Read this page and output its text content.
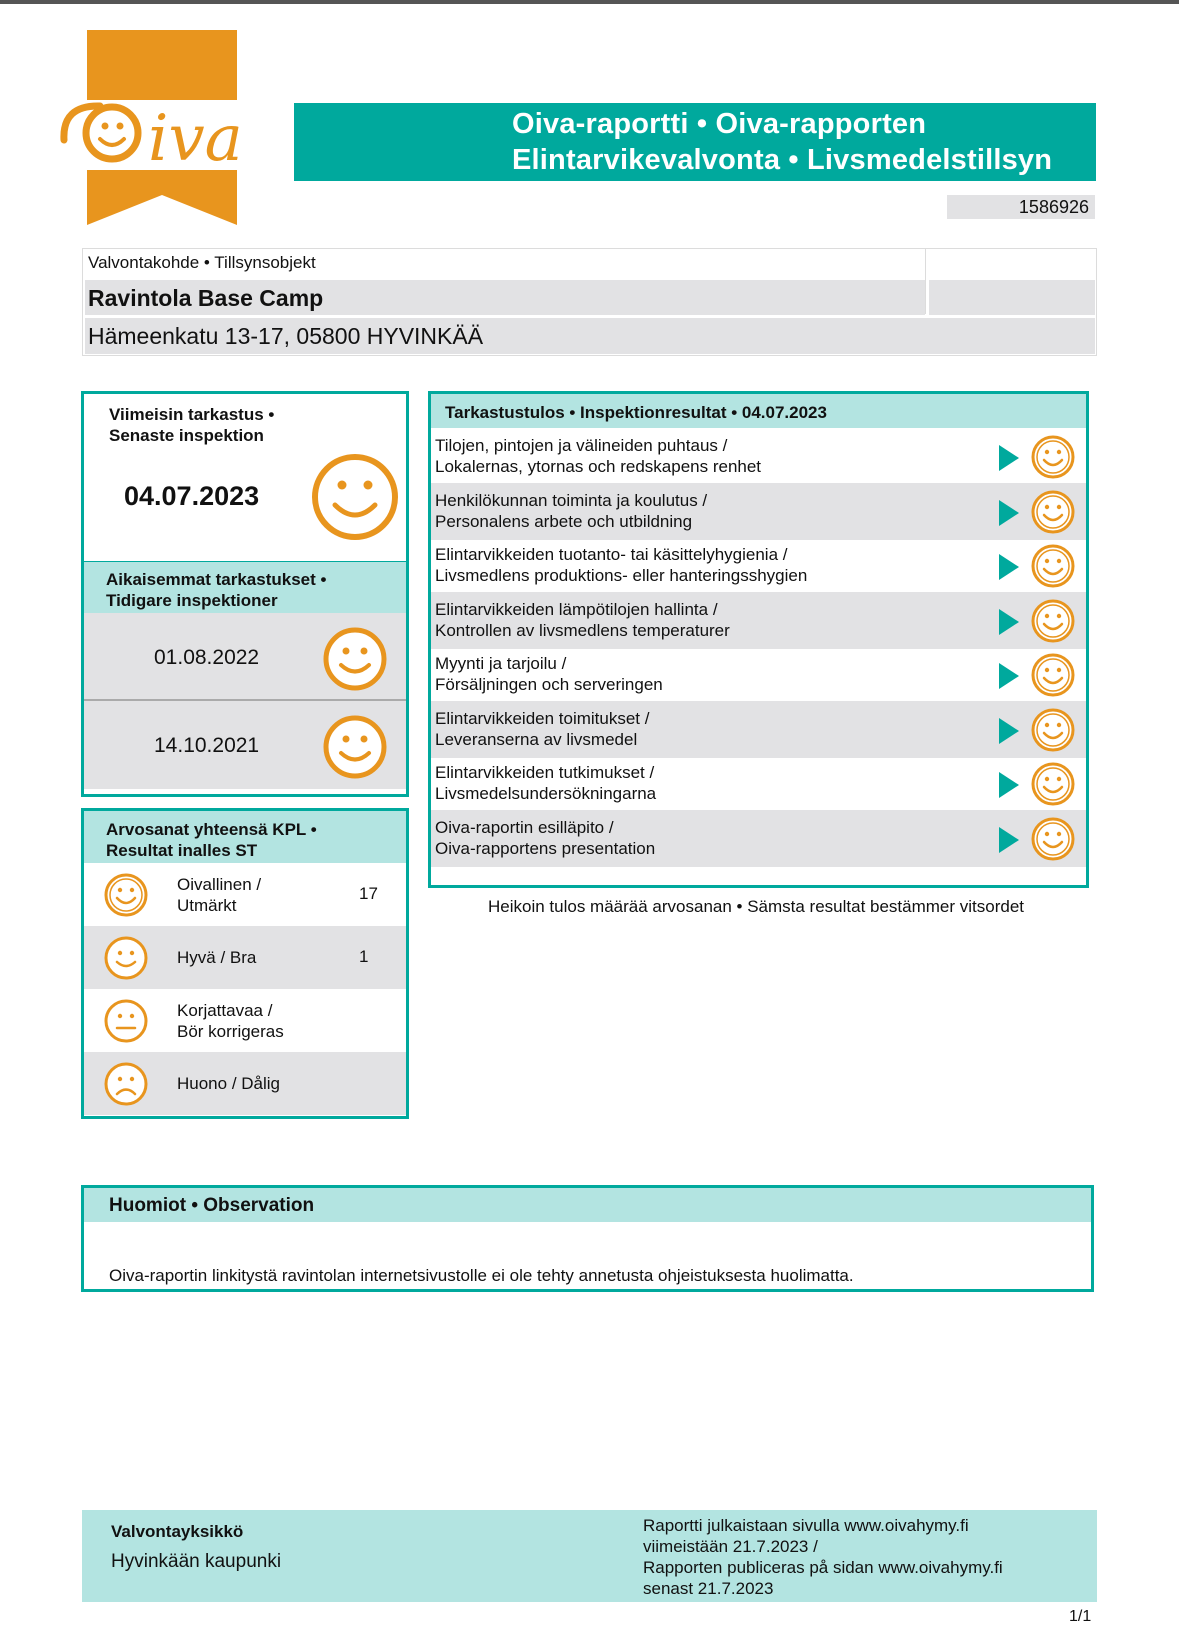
iva	Oiva-raportti • Oiva-rapporten
Elintarvikevalvonta • Livsmedelstillsyn
1586926
Valvontakohde • Tillsynsobjekt
Ravintola Base Camp
Hämeenkatu 13-17, 05800 HYVINKÄÄ
Viimeisin tarkastus •
Senaste inspektion
04.07.2023
Aikaisemmat tarkastukset •
Tidigare inspektioner
01.08.2022
14.10.2021
Arvosanat yhteensä KPL •
Resultat inalles ST
Oivallinen /
Utmärkt
17
Hyvä / Bra	1
Korjattavaa /
Bör korrigeras
Huono / Dålig
Tarkastustulos • Inspektionresultat • 04.07.2023
Tilojen, pintojen ja välineiden puhtaus /
Lokalernas, ytornas och redskapens renhet
Henkilökunnan toiminta ja koulutus /
Personalens arbete och utbildning
Elintarvikkeiden tuotanto- tai käsittelyhygienia /
Livsmedlens produktions- eller hanteringsshygien
Elintarvikkeiden lämpötilojen hallinta /
Kontrollen av livsmedlens temperaturer
Myynti ja tarjoilu /
Försäljningen och serveringen
Elintarvikkeiden toimitukset /
Leveranserna av livsmedel
Elintarvikkeiden tutkimukset /
Livsmedelsundersökningarna
Oiva-raportin esilläpito /
Oiva-rapportens presentation
Heikoin tulos määrää arvosanan • Sämsta resultat bestämmer vitsordet
Huomiot • Observation
Oiva-raportin linkitystä ravintolan internetsivustolle ei ole tehty annetusta ohjeistuksesta huolimatta.
Valvontayksikkö
Hyvinkään kaupunki
Raportti julkaistaan sivulla www.oivahymy.fi
viimeistään 21.7.2023 /
Rapporten publiceras på sidan www.oivahymy.fi
senast 21.7.2023
1/1
